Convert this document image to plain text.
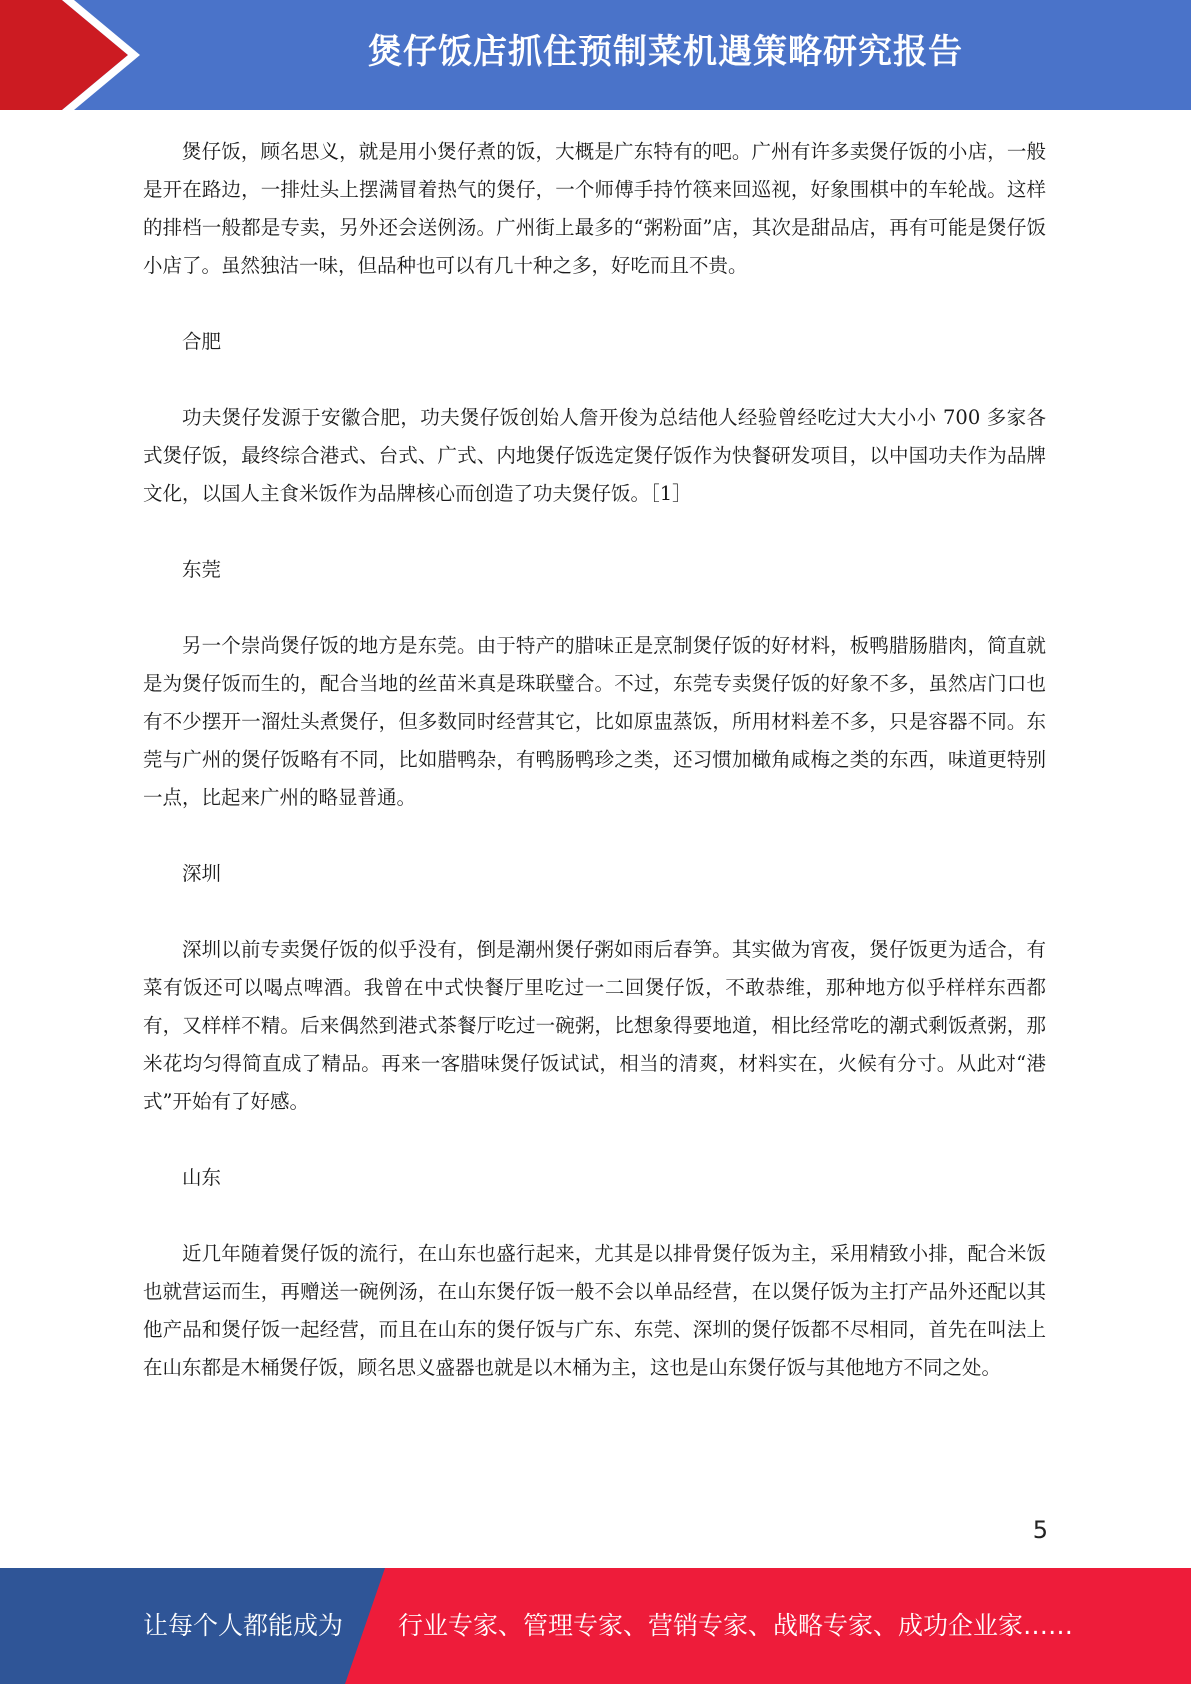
煲仔饭店抓住预制菜机遇策略研究报告

煲仔饭，顾名思义，就是用小煲仔煮的饭，大概是广东特有的吧。广州有许多卖煲仔饭的小店，一般是开在路边，一排灶头上摆满冒着热气的煲仔，一个师傅手持竹筷来回巡视，好象围棋中的车轮战。这样的排档一般都是专卖，另外还会送例汤。广州街上最多的“粥粉面”店，其次是甜品店，再有可能是煲仔饭小店了。虽然独沽一味，但品种也可以有几十种之多，好吃而且不贵。

合肥

功夫煲仔发源于安徽合肥，功夫煲仔饭创始人詹开俊为总结他人经验曾经吃过大大小小 700 多家各式煲仔饭，最终综合港式、台式、广式、内地煲仔饭选定煲仔饭作为快餐研发项目，以中国功夫作为品牌文化，以国人主食米饭作为品牌核心而创造了功夫煲仔饭。［1］

东莞

另一个崇尚煲仔饭的地方是东莞。由于特产的腊味正是烹制煲仔饭的好材料，板鸭腊肠腊肉，简直就是为煲仔饭而生的，配合当地的丝苗米真是珠联璧合。不过，东莞专卖煲仔饭的好象不多，虽然店门口也有不少摆开一溜灶头煮煲仔，但多数同时经营其它，比如原盅蒸饭，所用材料差不多，只是容器不同。东莞与广州的煲仔饭略有不同，比如腊鸭杂，有鸭肠鸭珍之类，还习惯加橄角咸梅之类的东西，味道更特别一点，比起来广州的略显普通。

深圳

深圳以前专卖煲仔饭的似乎没有，倒是潮州煲仔粥如雨后春笋。其实做为宵夜，煲仔饭更为适合，有菜有饭还可以喝点啤酒。我曾在中式快餐厅里吃过一二回煲仔饭，不敢恭维，那种地方似乎样样东西都有，又样样不精。后来偶然到港式茶餐厅吃过一碗粥，比想象得要地道，相比经常吃的潮式剩饭煮粥，那米花均匀得简直成了精品。再来一客腊味煲仔饭试试，相当的清爽，材料实在，火候有分寸。从此对“港式”开始有了好感。

山东

近几年随着煲仔饭的流行，在山东也盛行起来，尤其是以排骨煲仔饭为主，采用精致小排，配合米饭也就营运而生，再赠送一碗例汤，在山东煲仔饭一般不会以单品经营，在以煲仔饭为主打产品外还配以其他产品和煲仔饭一起经营，而且在山东的煲仔饭与广东、东莞、深圳的煲仔饭都不尽相同，首先在叫法上在山东都是木桶煲仔饭，顾名思义盛器也就是以木桶为主，这也是山东煲仔饭与其他地方不同之处。

5
让每个人都能成为 行业专家、管理专家、营销专家、战略专家、成功企业家……
